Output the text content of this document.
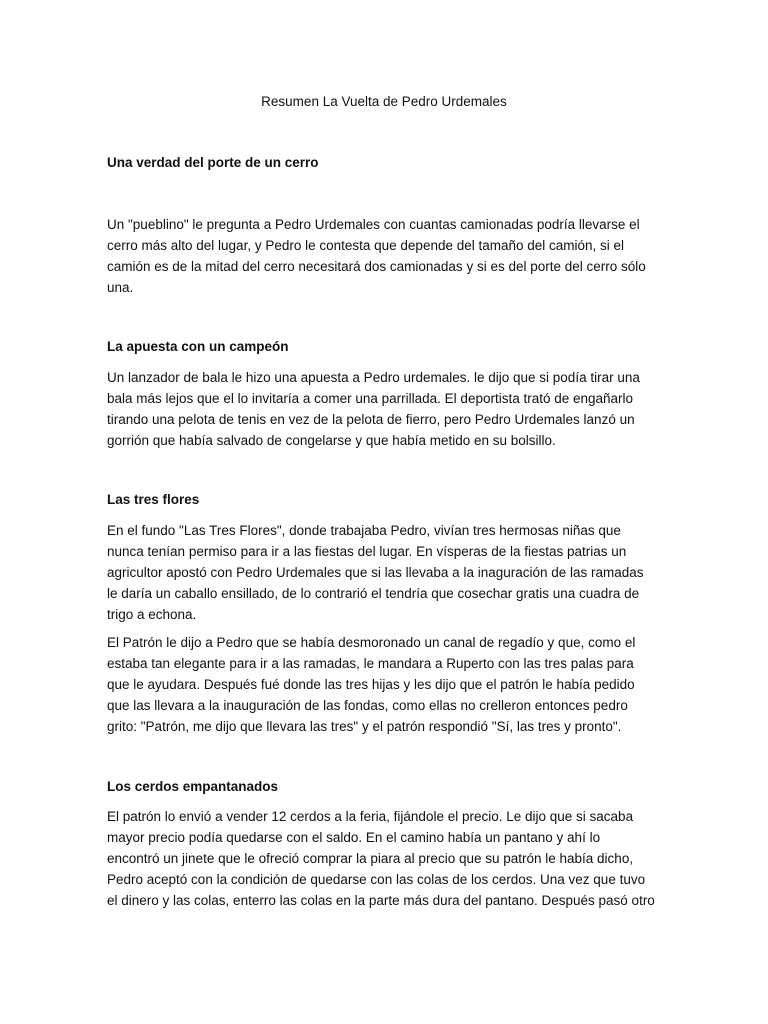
Resumen La Vuelta de Pedro Urdemales
Una verdad del porte de un cerro

Un "pueblino" le pregunta a Pedro Urdemales con cuantas camionadas podría llevarse el
cerro más alto del lugar, y Pedro le contesta que depende del tamaño del camión, si el
camión es de la mitad del cerro necesitará dos camionadas y si es del porte del cerro sólo
una.

La apuesta con un campeón

Un lanzador de bala le hizo una apuesta a Pedro urdemales. le dijo que si podía tirar una
bala más lejos que el lo invitaría a comer una parrillada. El deportista trató de engañarlo
tirando una pelota de tenis en vez de la pelota de fierro, pero Pedro Urdemales lanzó un
gorrión que había salvado de congelarse y que había metido en su bolsillo.

Las tres flores

En el fundo "Las Tres Flores", donde trabajaba Pedro, vivían tres hermosas niñas que
nunca tenían permiso para ir a las fiestas del lugar. En vísperas de la fiestas patrias un
agricultor apostó con Pedro Urdemales que si las llevaba a la inaguración de las ramadas
le daría un caballo ensillado, de lo contrarió el tendría que cosechar gratis una cuadra de
trigo a echona.

El Patrón le dijo a Pedro que se había desmoronado un canal de regadío y que, como el
estaba tan elegante para ir a las ramadas, le mandara a Ruperto con las tres palas para
que le ayudara. Después fué donde las tres hijas y les dijo que el patrón le había pedido
que las llevara a la inauguración de las fondas, como ellas no crelleron entonces pedro
grito: "Patrón, me dijo que llevara las tres" y el patrón respondió "Sí, las tres y pronto".

Los cerdos empantanados

El patrón lo envió a vender 12 cerdos a la feria, fijándole el precio. Le dijo que si sacaba
mayor precio podía quedarse con el saldo. En el camino había un pantano y ahí lo
encontró un jinete que le ofreció comprar la piara al precio que su patrón le había dicho,
Pedro aceptó con la condición de quedarse con las colas de los cerdos. Una vez que tuvo
el dinero y las colas, enterro las colas en la parte más dura del pantano. Después pasó otro
